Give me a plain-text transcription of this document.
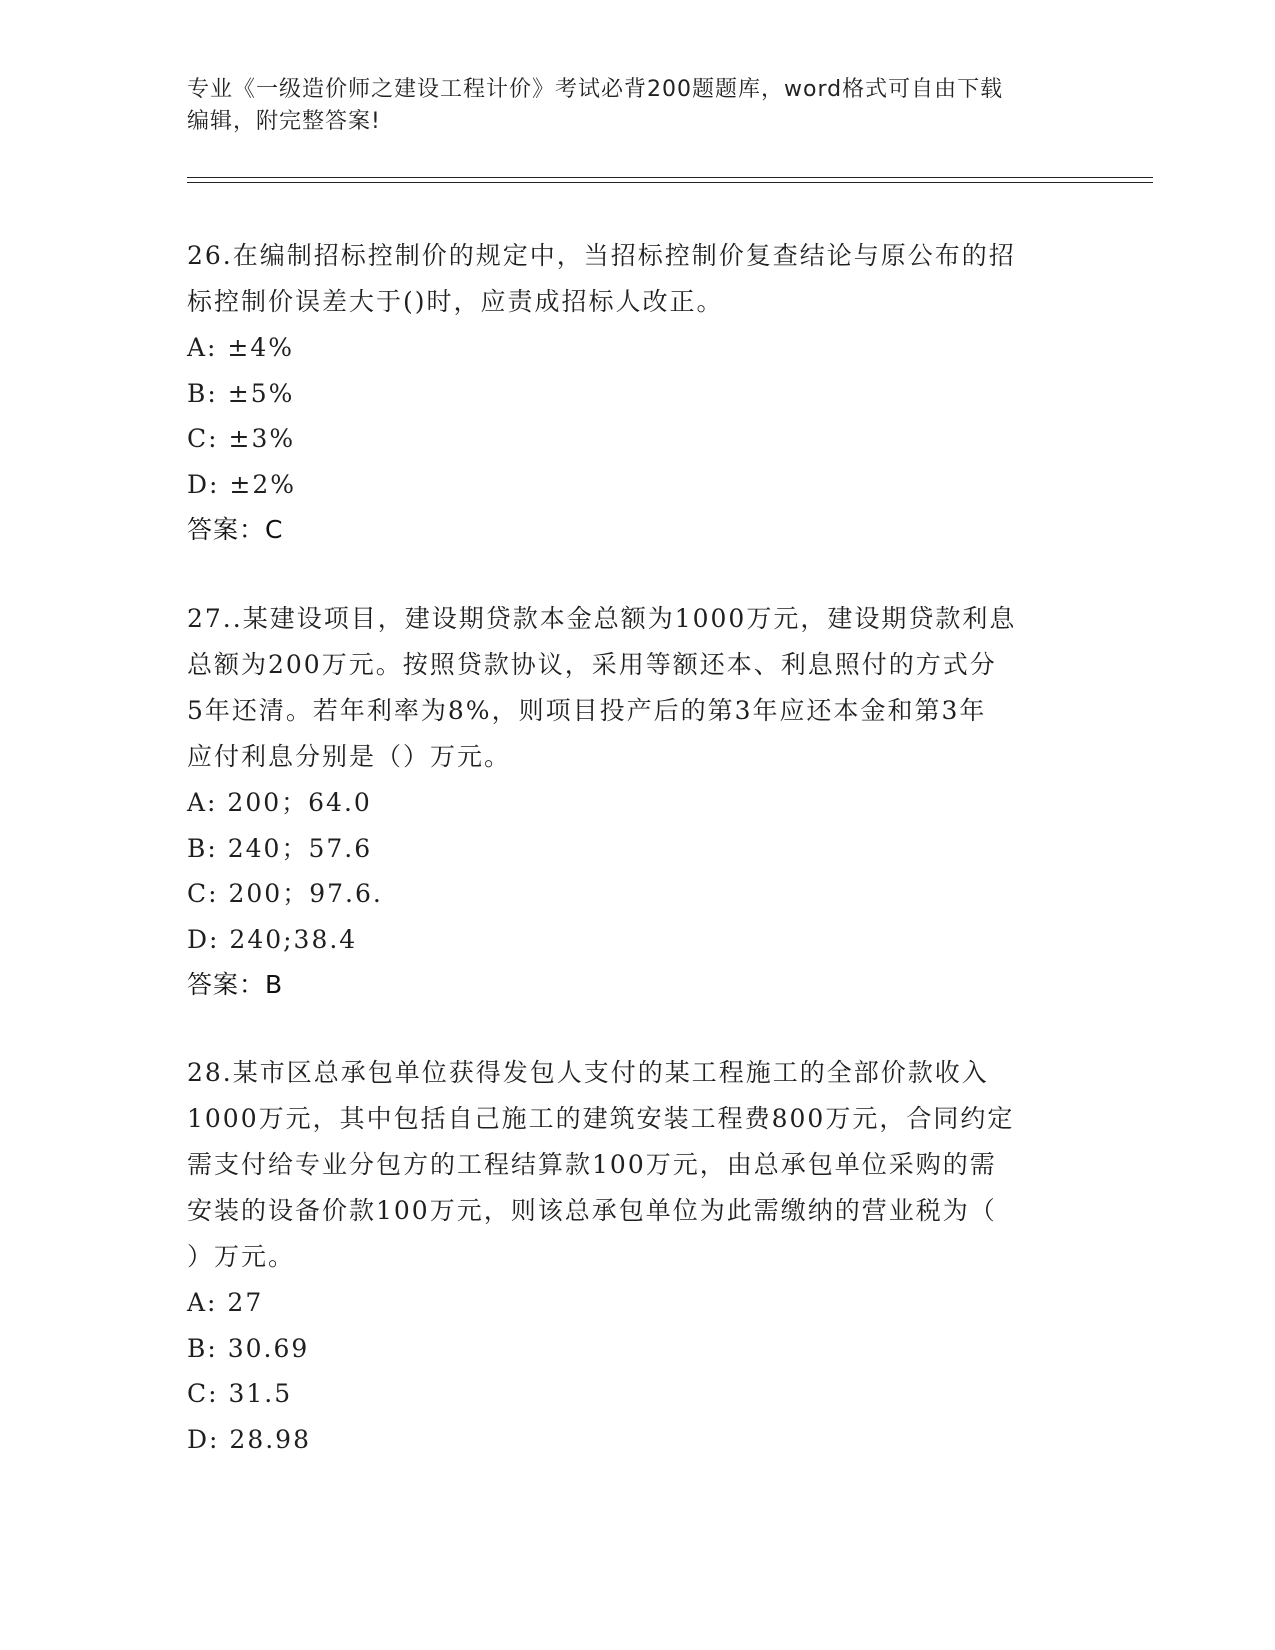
专业《一级造价师之建设工程计价》考试必背200题题库，word格式可自由下载
编辑，附完整答案!

26.在编制招标控制价的规定中，当招标控制价复查结论与原公布的招

标控制价误差大于()时，应责成招标人改正。

A: ±4%

B: ±5%

C: ±3%

D: ±2%

答案：C

27..某建设项目，建设期贷款本金总额为1000万元，建设期贷款利息

总额为200万元。按照贷款协议，采用等额还本、利息照付的方式分

5年还清。若年利率为8%，则项目投产后的第3年应还本金和第3年

应付利息分别是（）万元。

A: 200；64.0

B: 240；57.6

C: 200；97.6.

D: 240;38.4

答案：B

28.某市区总承包单位获得发包人支付的某工程施工的全部价款收入

1000万元，其中包括自己施工的建筑安装工程费800万元，合同约定

需支付给专业分包方的工程结算款100万元，由总承包单位采购的需

安装的设备价款100万元，则该总承包单位为此需缴纳的营业税为（

）万元。

A: 27

B: 30.69

C: 31.5

D: 28.98
